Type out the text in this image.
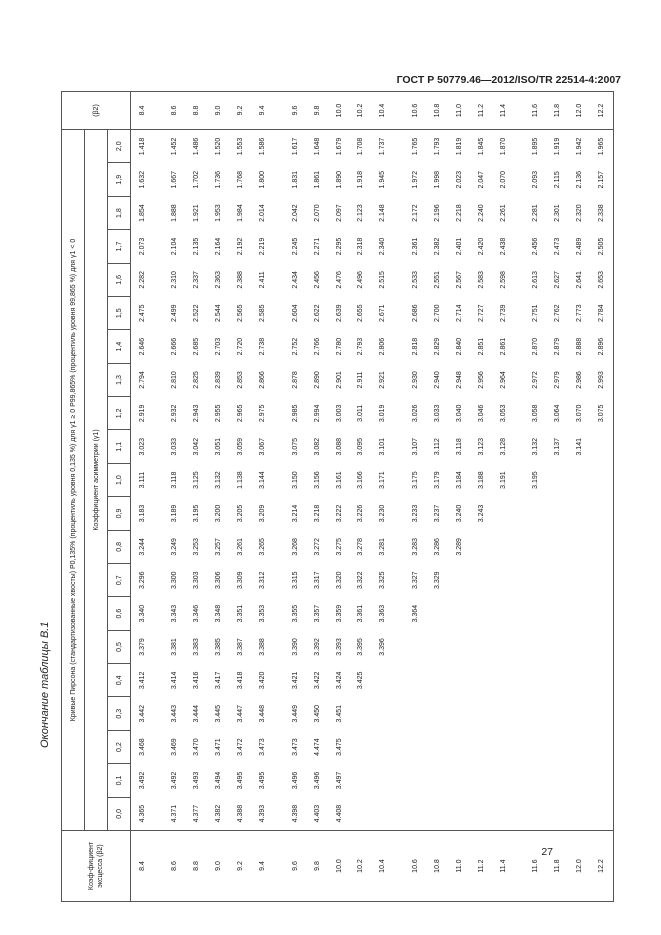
ГОСТ Р 50779.46—2012/ISO/TR 22514-4:2007
Окончание таблицы В.1
Коэф-фициент эксцесса (β2)	Кривые Пирсона (стандартизованные хвосты) P0,135% (процентиль уровня 0,135 %) для γ1 ≥ 0 P99,865% (процентиль уровня 99,865 %) для γ1 < 0																					(β2)
	Коэффициент асимметрии (γ1)																					
	0,0	0,1	0,2	0,3	0,4	0,5	0,6	0,7	0,8	0,9	1,0	1,1	1,2	1,3	1,4	1,5	1,6	1,7	1,8	1,9	2,0	
8.4	4.365	3.492	3.468	3.442	3.412	3.379	3.340	3.296	3.244	3.183	3.111	3.023	2.919	2.794	2.646	2.475	2.282	2.073	1.854	1.632	1.418	8.4

8.6	4.371	3.492	3.469	3.443	3.414	3.381	3.343	3.300	3.249	3.189	3.118	3.033	2.932	2.810	2.666	2.499	2.310	2.104	1.888	1.667	1.452	8.6
8.8	4.377	3.493	3.470	3.444	3.416	3.383	3.346	3.303	3.253	3.195	3.125	3.042	2.943	2.825	2.685	2.522	2.337	2.135	1.921	1.702	1.486	8.8
9.0	4.382	3.494	3.471	3.445	3.417	3.385	3.348	3.306	3.257	3.200	3.132	3.051	2.955	2.839	2.703	2.544	2.363	2.164	1.953	1.736	1.520	9.0
9.2	4.388	3.495	3.472	3.447	3.418	3.387	3.351	3.309	3.261	3.205	1.138	3.059	2.965	2.853	2.720	2.565	2.388	2.192	1.984	1.768	1.553	9.2
9.4	4.393	3.495	3.473	3.448	3.420	3.388	3.353	3.312	3.265	3.209	3.144	3.067	2.975	2.866	2.738	2.585	2.411	2.219	2.014	1.800	1.586	9.4

9.6	4.398	3.496	3.473	3.449	3.421	3.390	3.355	3.315	3.268	3.214	3.150	3.075	2.985	2.878	2.752	2.604	2.434	2.245	2.042	1.831	1.617	9.6
9.8	4.403	3.496	4.474	3.450	3.422	3.392	3.357	3.317	3.272	3.218	3.156	3.082	2.994	2.890	2.766	2.622	2.456	2.271	2.070	1.861	1.648	9.8
10.0	4.408	3.497	3.475	3.451	3.424	3.393	3.359	3.320	3.275	3.222	3.161	3.088	3.003	2.901	2.780	2.639	2.476	2.295	2.097	1.890	1.679	10.0
10.2					3.425	3.395	3.361	3.322	3.278	3.226	3.166	3.095	3.011	2.911	2.793	2.655	2.496	2.318	2.123	1.918	1.708	10.2
10.4						3.396	3.363	3.325	3.281	3.230	3.171	3.101	3.019	2.921	2.806	2.671	2.515	2.340	2.148	1.945	1.737	10.4

10.6							3.364	3.327	3.283	3.233	3.175	3.107	3.026	2.930	2.818	2.686	2.533	2.361	2.172	1.972	1.765	10.6
10.8								3.329	3.286	3.237	3.179	3.112	3.033	2.940	2.829	2.700	2.551	2.382	2.196	1.998	1.793	10.8
11.0									3.289	3.240	3.184	3.118	3.040	2.948	2.840	2.714	2.567	2.401	2.218	2.023	1.819	11.0
11.2										3.243	3.188	3.123	3.046	2.956	2.851	2.727	2.583	2.420	2.240	2.047	1.845	11.2
11.4											3.191	3.128	3.053	2.964	2.861	2.739	2.598	2.438	2.261	2.070	1.870	11.4

11.6											3.195	3.132	3.058	2.972	2.870	2.751	2.613	2.456	2.281	2.093	1.895	11.6
11.8												3.137	3.064	2.979	2.879	2.762	2.627	2.473	2.301	2.115	1.919	11.8
12.0												3.141	3.070	2.986	2.888	2.773	2.641	2.489	2.320	2.136	1.942	12.0
12.2													3.075	2.993	2.896	2.784	2.653	2.505	2.338	2.157	1.965	12.2
27
